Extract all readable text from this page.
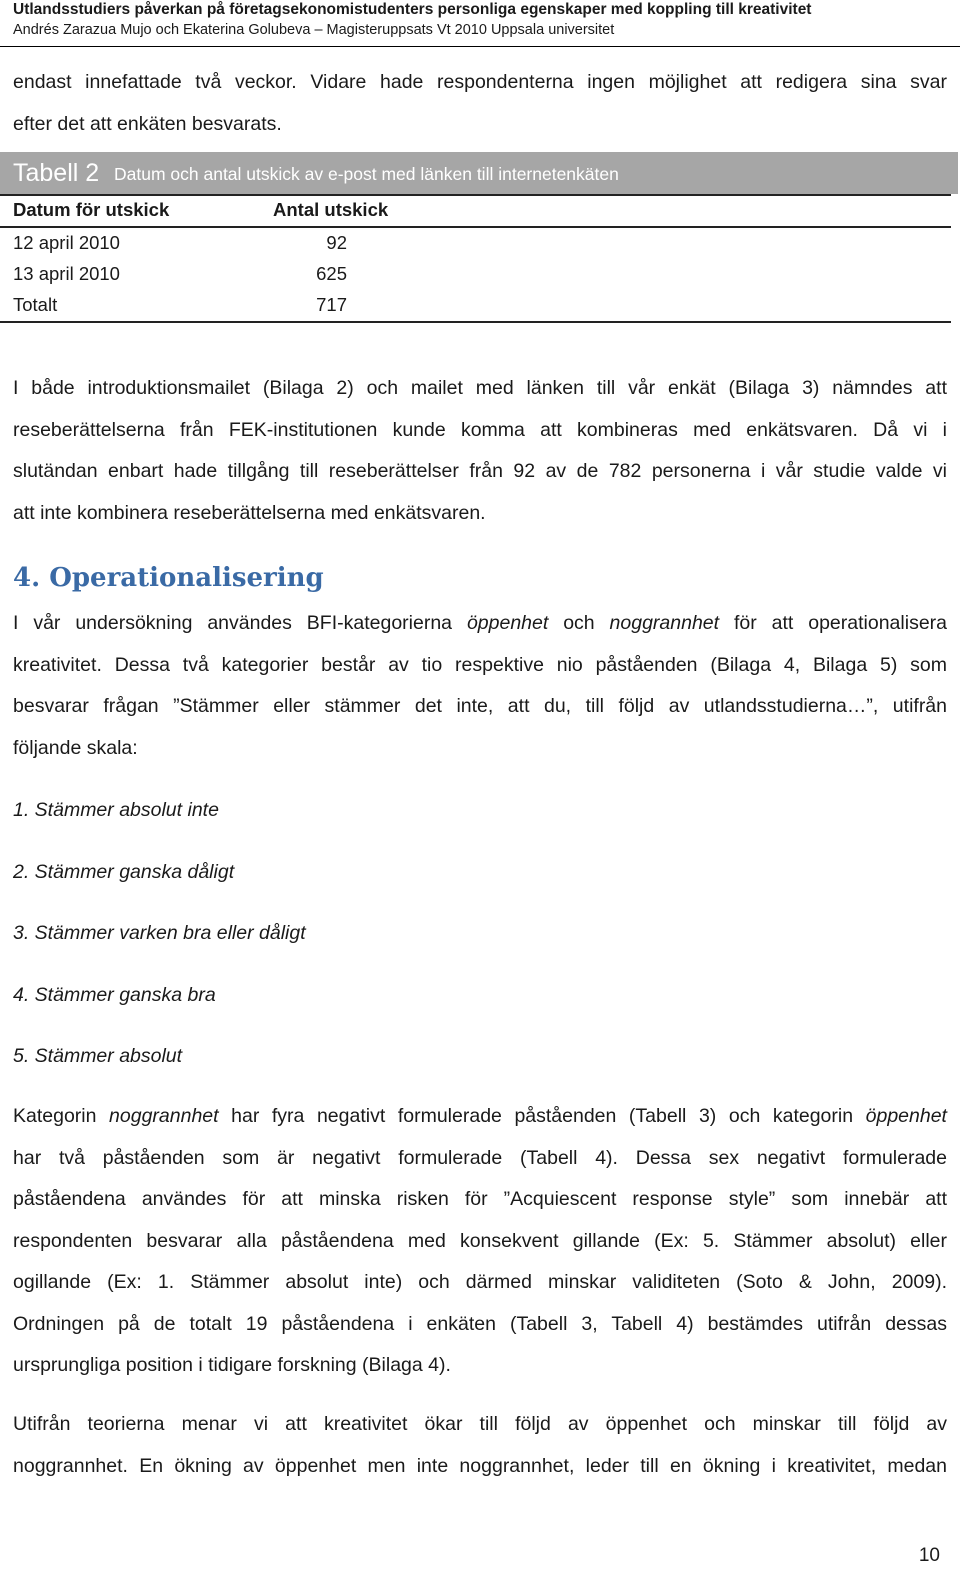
Utlandsstudiers påverkan på företagsekonomistudenters personliga egenskaper med koppling till kreativitet
Andrés Zarazua Mujo och Ekaterina Golubeva – Magisteruppsats Vt 2010 Uppsala universitet
endast innefattade två veckor. Vidare hade respondenterna ingen möjlighet att redigera sina svar
efter det att enkäten besvarats.
Tabell 2 Datum och antal utskick av e-post med länken till internetenkäten
Datum för utskick	Antal utskick
12 april 2010	92
13 april 2010	625
Totalt	717
I både introduktionsmailet (Bilaga 2) och mailet med länken till vår enkät (Bilaga 3) nämndes att
reseberättelserna från FEK-institutionen kunde komma att kombineras med enkätsvaren. Då vi i
slutändan enbart hade tillgång till reseberättelser från 92 av de 782 personerna i vår studie valde vi
att inte kombinera reseberättelserna med enkätsvaren.
4. Operationalisering
I vår undersökning användes BFI-kategorierna öppenhet och noggrannhet för att operationalisera
kreativitet. Dessa två kategorier består av tio respektive nio påståenden (Bilaga 4, Bilaga 5) som
besvarar frågan ”Stämmer eller stämmer det inte, att du, till följd av utlandsstudierna…”, utifrån
följande skala:
1. Stämmer absolut inte
2. Stämmer ganska dåligt
3. Stämmer varken bra eller dåligt
4. Stämmer ganska bra
5. Stämmer absolut
Kategorin noggrannhet har fyra negativt formulerade påståenden (Tabell 3) och kategorin öppenhet
har två påståenden som är negativt formulerade (Tabell 4). Dessa sex negativt formulerade
påståendena användes för att minska risken för ”Acquiescent response style” som innebär att
respondenten besvarar alla påståendena med konsekvent gillande (Ex: 5. Stämmer absolut) eller
ogillande (Ex: 1. Stämmer absolut inte) och därmed minskar validiteten (Soto & John, 2009).
Ordningen på de totalt 19 påståendena i enkäten (Tabell 3, Tabell 4) bestämdes utifrån dessas
ursprungliga position i tidigare forskning (Bilaga 4).
Utifrån teorierna menar vi att kreativitet ökar till följd av öppenhet och minskar till följd av
noggrannhet. En ökning av öppenhet men inte noggrannhet, leder till en ökning i kreativitet, medan
10
